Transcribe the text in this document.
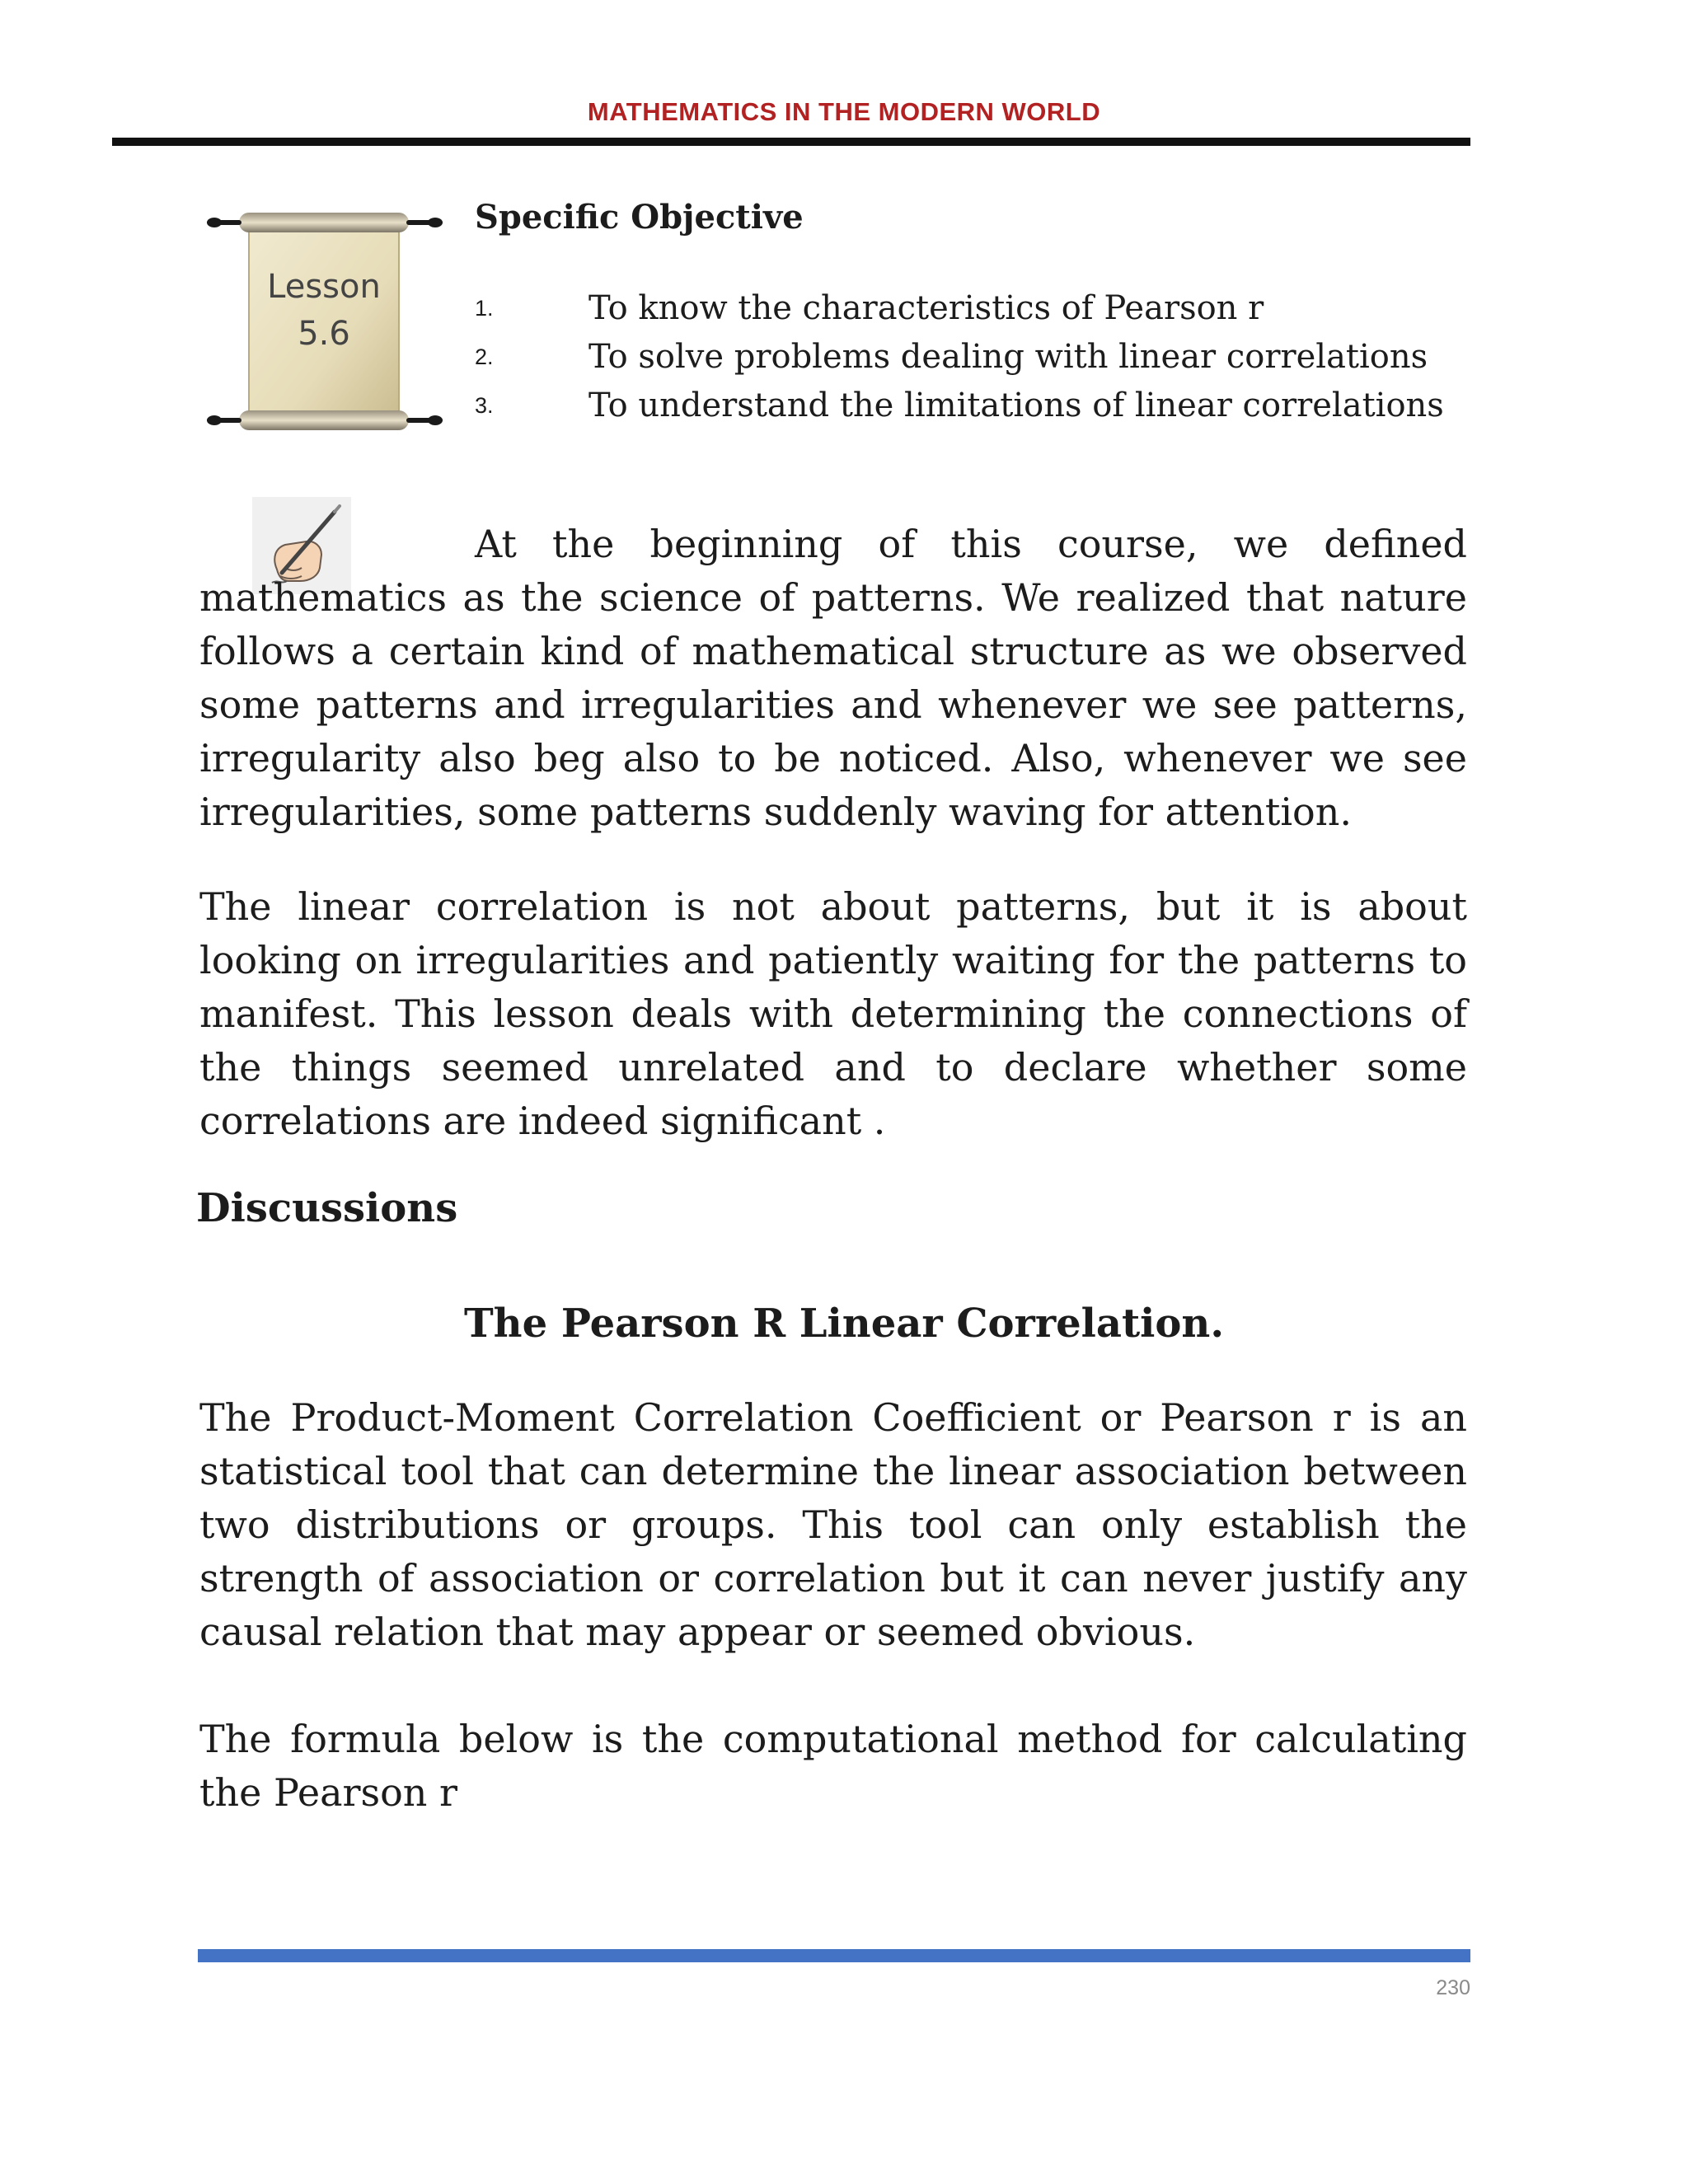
MATHEMATICS IN THE MODERN WORLD
Lesson
5.6
Specific Objective
1.	To know the characteristics of Pearson r
2.	To solve problems dealing with linear correlations
3.	To understand the limitations of linear correlations
At the beginning of this course, we defined
mathematics as the science of patterns. We realized that nature follows a certain kind of mathematical structure as we observed some patterns and irregularities and whenever we see patterns, irregularity also beg also to be noticed. Also, whenever we see irregularities, some patterns suddenly waving for attention.

The linear correlation is not about patterns, but it is about looking on irregularities and patiently waiting for the patterns to manifest. This lesson deals with determining the connections of the things seemed unrelated and to declare whether some correlations are indeed significant .

Discussions
The Pearson R Linear Correlation.

The Product-Moment Correlation Coefficient or Pearson r is an statistical tool that can determine the linear association between two distributions or groups. This tool can only establish the strength of association or correlation but it can never justify any causal relation that may appear or seemed obvious.

The formula below is the computational method for calculating the Pearson r

230
